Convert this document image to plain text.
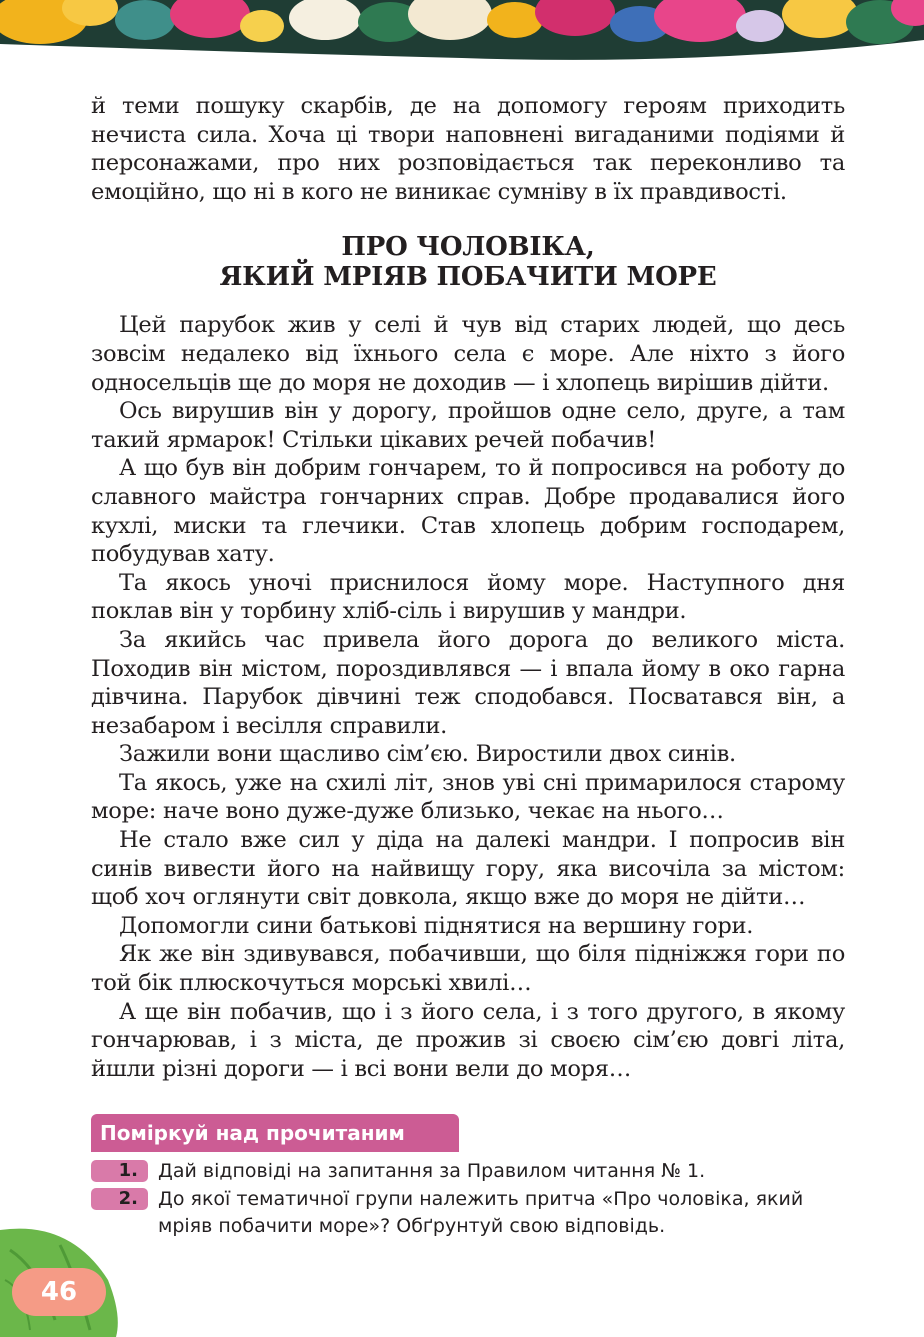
й теми пошуку скарбів, де на допомогу героям приходить нечиста сила. Хоча ці твори наповнені вигаданими подіями й персонажами, про них розповідається так переконливо та емоційно, що ні в кого не виникає сумніву в їх правдивості.

ПРО ЧОЛОВІКА,
ЯКИЙ МРІЯВ ПОБАЧИТИ МОРЕ

Цей парубок жив у селі й чув від старих людей, що десь зовсім недалеко від їхнього села є море. Але ніхто з його односельців ще до моря не доходив — і хлопець вирішив дійти.

Ось вирушив він у дорогу, пройшов одне село, друге, а там такий ярмарок! Стільки цікавих речей побачив!

А що був він добрим гончарем, то й попросився на роботу до славного майстра гончарних справ. Добре продавалися його кухлі, миски та глечики. Став хлопець добрим господарем, побудував хату.

Та якось уночі приснилося йому море. Наступного дня поклав він у торбину хліб-сіль і вирушив у мандри.

За якийсь час привела його дорога до великого міста. Походив він містом, пороздивлявся — і впала йому в око гарна дівчина. Парубок дівчині теж сподобався. Посватався він, а незабаром і весілля справили.

Зажили вони щасливо сім’єю. Виростили двох синів.

Та якось, уже на схилі літ, знов уві сні примарилося старому море: наче воно дуже-дуже близько, чекає на нього…

Не стало вже сил у діда на далекі мандри. І попросив він синів вивести його на найвищу гору, яка височіла за містом: щоб хоч оглянути світ довкола, якщо вже до моря не дійти…

Допомогли сини батькові піднятися на вершину гори.

Як же він здивувався, побачивши, що біля підніжжя гори по той бік плюскочуться морські хвилі…

А ще він побачив, що і з його села, і з того другого, в якому гончарював, і з міста, де прожив зі своєю сім’єю довгі літа, йшли різні дороги — і всі вони вели до моря…

Поміркуй над прочитаним
1.	Дай відповіді на запитання за Правилом читання № 1.
2.	До якої тематичної групи належить притча «Про чоловіка, який мріяв побачити море»? Обґрунтуй свою відповідь.
46
